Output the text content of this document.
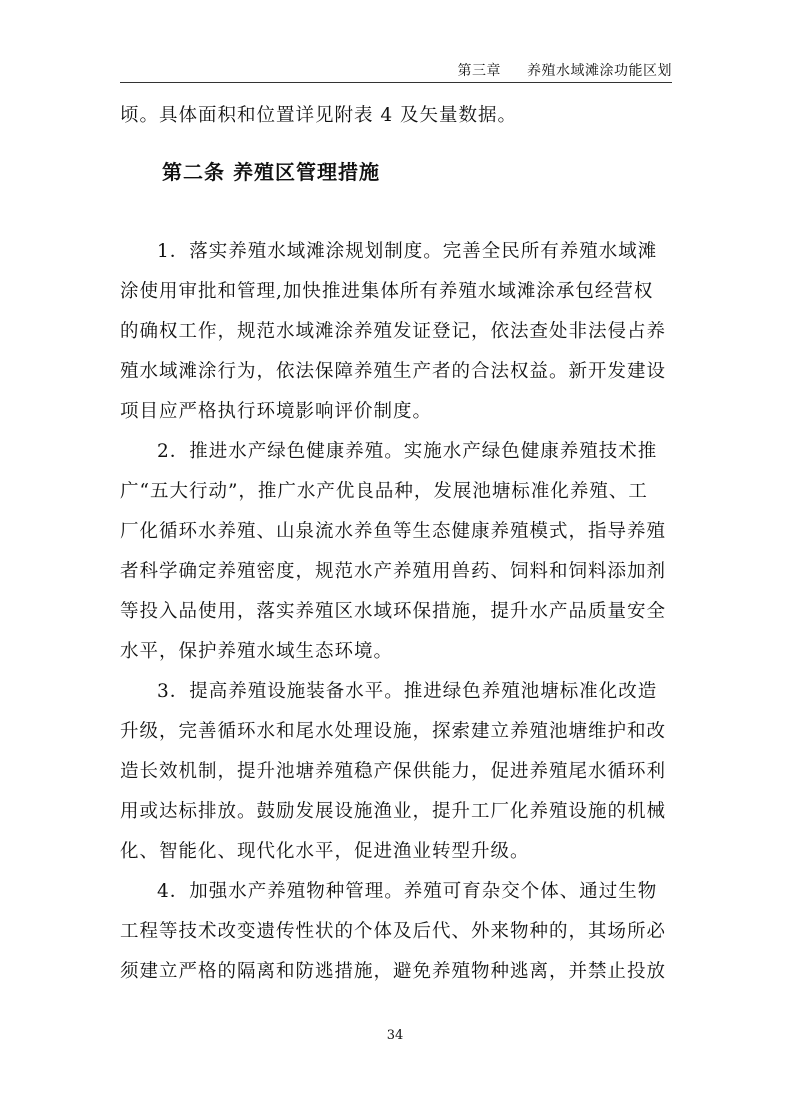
第三章 养殖水域滩涂功能区划
顷。具体面积和位置详见附表 4 及矢量数据。
第二条 养殖区管理措施
1．落实养殖水域滩涂规划制度。完善全民所有养殖水域滩
涂使用审批和管理,加快推进集体所有养殖水域滩涂承包经营权
的确权工作，规范水域滩涂养殖发证登记，依法查处非法侵占养
殖水域滩涂行为，依法保障养殖生产者的合法权益。新开发建设
项目应严格执行环境影响评价制度。
2．推进水产绿色健康养殖。实施水产绿色健康养殖技术推
广“五大行动”，推广水产优良品种，发展池塘标准化养殖、工
厂化循环水养殖、山泉流水养鱼等生态健康养殖模式，指导养殖
者科学确定养殖密度，规范水产养殖用兽药、饲料和饲料添加剂
等投入品使用，落实养殖区水域环保措施，提升水产品质量安全
水平，保护养殖水域生态环境。
3．提高养殖设施装备水平。推进绿色养殖池塘标准化改造
升级，完善循环水和尾水处理设施，探索建立养殖池塘维护和改
造长效机制，提升池塘养殖稳产保供能力，促进养殖尾水循环利
用或达标排放。鼓励发展设施渔业，提升工厂化养殖设施的机械
化、智能化、现代化水平，促进渔业转型升级。
4．加强水产养殖物种管理。养殖可育杂交个体、通过生物
工程等技术改变遗传性状的个体及后代、外来物种的，其场所必
须建立严格的隔离和防逃措施，避免养殖物种逃离，并禁止投放
34
